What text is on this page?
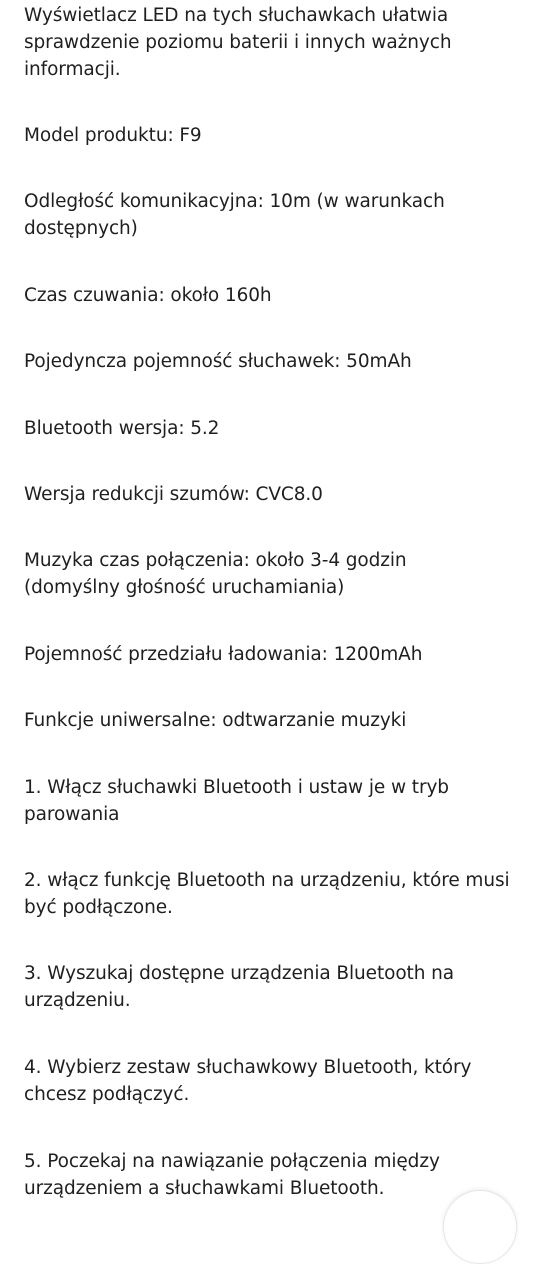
Wyświetlacz LED na tych słuchawkach ułatwia sprawdzenie poziomu baterii i innych ważnych informacji.

Model produktu: F9

Odległość komunikacyjna: 10m (w warunkach dostępnych)

Czas czuwania: około 160h

Pojedyncza pojemność słuchawek: 50mAh

Bluetooth wersja: 5.2

Wersja redukcji szumów: CVC8.0

Muzyka czas połączenia: około 3-4 godzin (domyślny głośność uruchamiania)

Pojemność przedziału ładowania: 1200mAh

Funkcje uniwersalne: odtwarzanie muzyki

1. Włącz słuchawki Bluetooth i ustaw je w tryb parowania

2. włącz funkcję Bluetooth na urządzeniu, które musi być podłączone.

3. Wyszukaj dostępne urządzenia Bluetooth na urządzeniu.

4. Wybierz zestaw słuchawkowy Bluetooth, który chcesz podłączyć.

5. Poczekaj na nawiązanie połączenia między urządzeniem a słuchawkami Bluetooth.
